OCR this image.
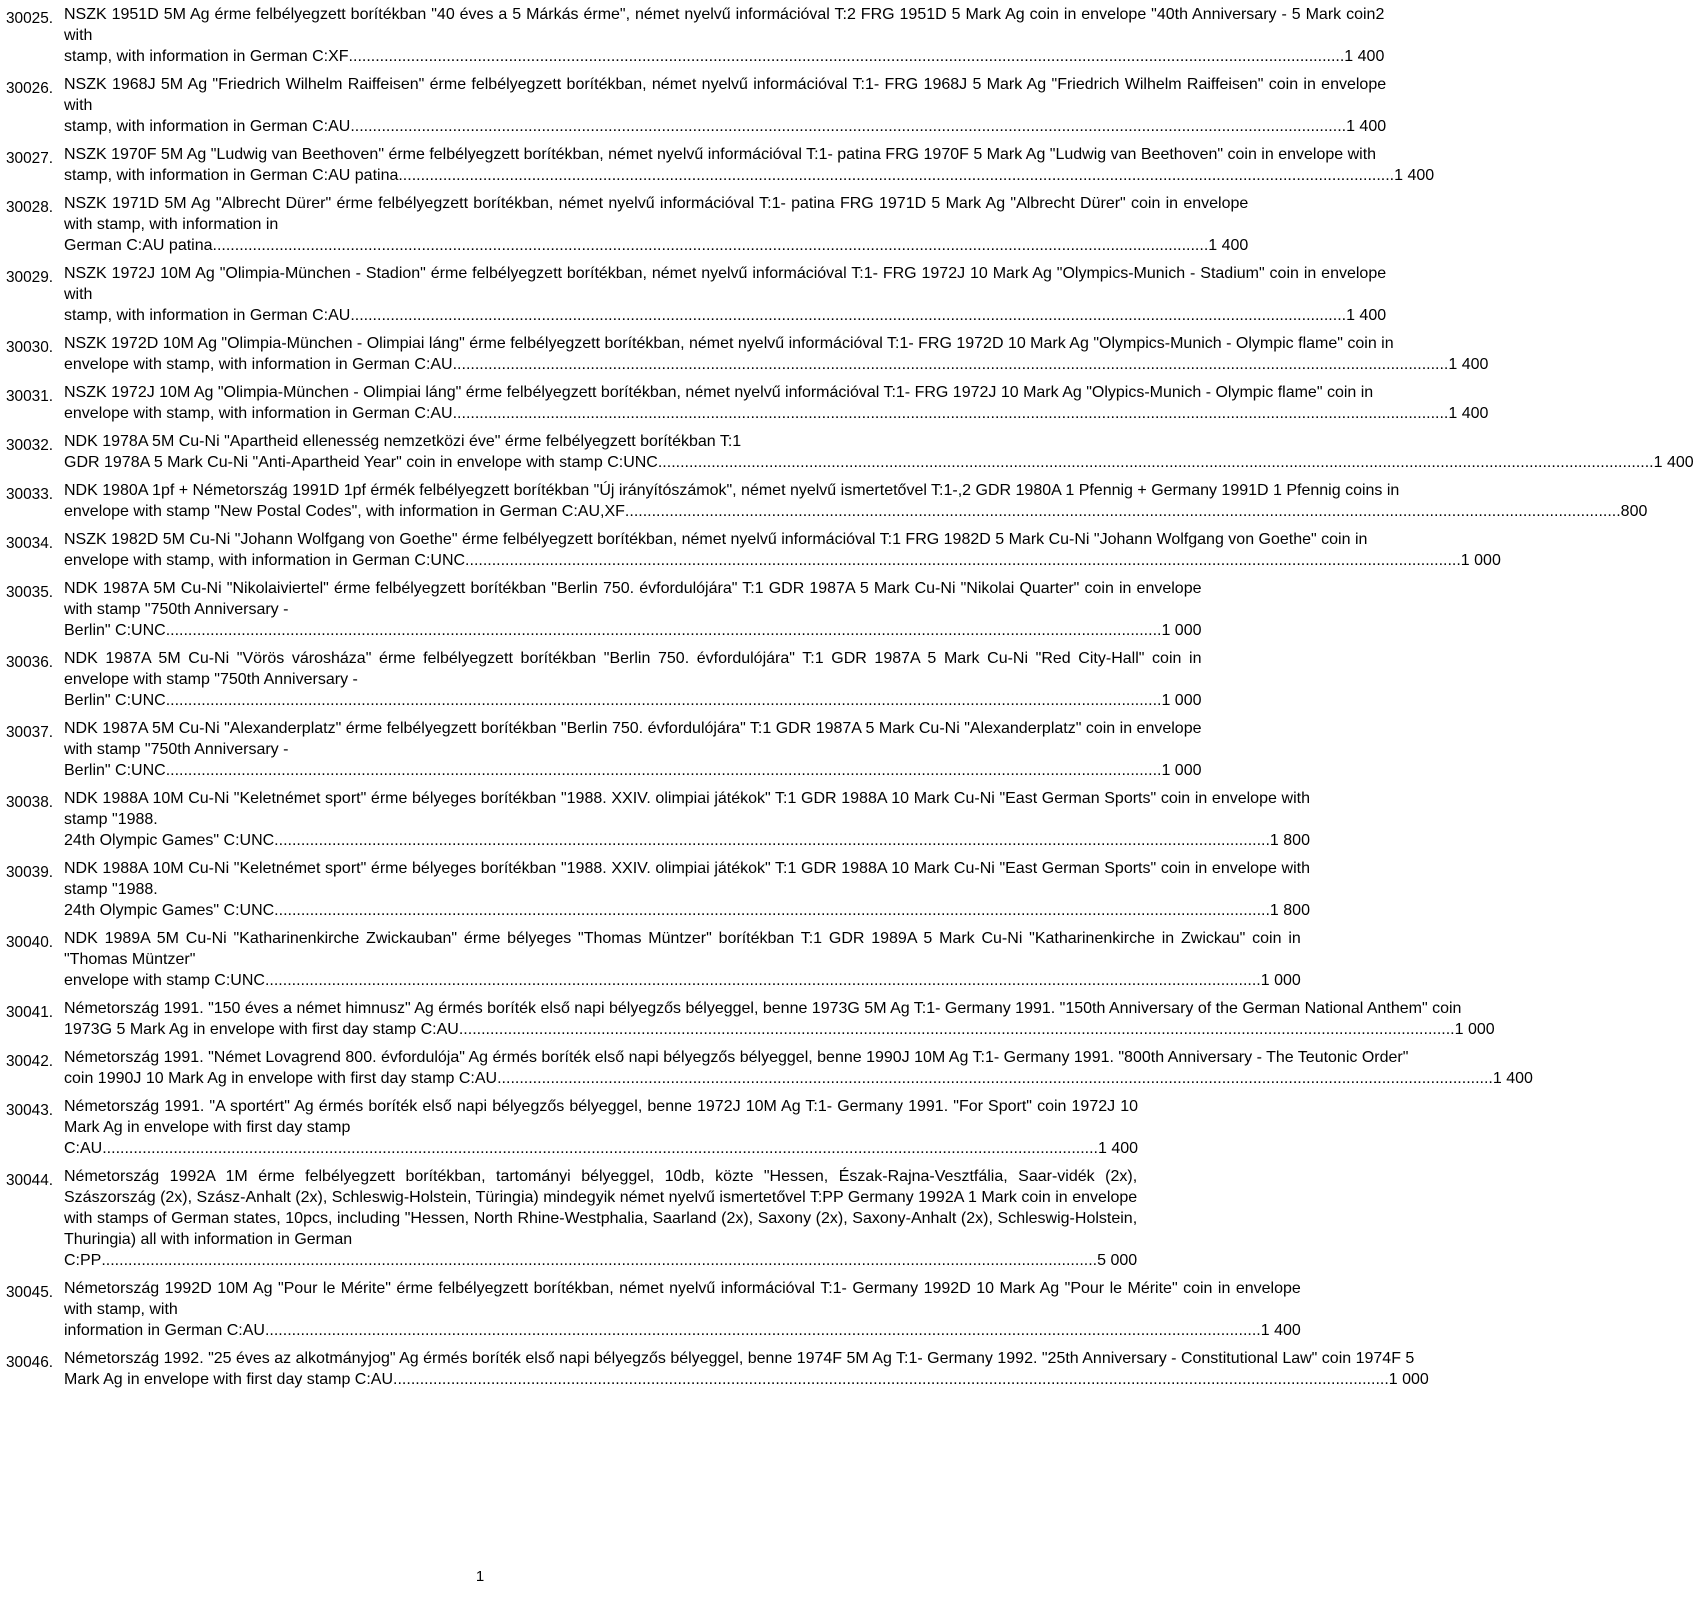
30025. NSZK 1951D 5M Ag érme felbélyegzett borítékban "40 éves a 5 Márkás érme", német nyelvű információval T:2 FRG 1951D 5 Mark Ag coin in envelope "40th Anniversary - 5 Mark coin2 with
stamp, with information in German C:XF .....	1 400
30026. NSZK 1968J 5M Ag "Friedrich Wilhelm Raiffeisen" érme felbélyegzett borítékban, német nyelvű információval T:1- FRG 1968J 5 Mark Ag "Friedrich Wilhelm Raiffeisen" coin in envelope with
stamp, with information in German C:AU .....	1 400
30027. NSZK 1970F 5M Ag "Ludwig van Beethoven" érme felbélyegzett borítékban, német nyelvű információval T:1- patina FRG 1970F 5 Mark Ag "Ludwig van Beethoven" coin in envelope with
stamp, with information in German C:AU patina .....	1 400
30028. NSZK 1971D 5M Ag "Albrecht Dürer" érme felbélyegzett borítékban, német nyelvű információval T:1- patina FRG 1971D 5 Mark Ag "Albrecht Dürer" coin in envelope with stamp, with information in
German C:AU patina .....	1 400
30029. NSZK 1972J 10M Ag "Olimpia-München - Stadion" érme felbélyegzett borítékban, német nyelvű információval T:1- FRG 1972J 10 Mark Ag "Olympics-Munich - Stadium" coin in envelope with
stamp, with information in German C:AU .....	1 400
30030. NSZK 1972D 10M Ag "Olimpia-München - Olimpiai láng" érme felbélyegzett borítékban, német nyelvű információval T:1- FRG 1972D 10 Mark Ag "Olympics-Munich - Olympic flame" coin in
envelope with stamp, with information in German C:AU .....	1 400
30031. NSZK 1972J 10M Ag "Olimpia-München - Olimpiai láng" érme felbélyegzett borítékban, német nyelvű információval T:1- FRG 1972J 10 Mark Ag "Olypics-Munich - Olympic flame" coin in
envelope with stamp, with information in German C:AU .....	1 400
30032. NDK 1978A 5M Cu-Ni "Apartheid ellenesség nemzetközi éve" érme felbélyegzett borítékban T:1
GDR 1978A 5 Mark Cu-Ni "Anti-Apartheid Year" coin in envelope with stamp C:UNC .....	1 400
30033. NDK 1980A 1pf + Németország 1991D 1pf érmék felbélyegzett borítékban "Új irányítószámok", német nyelvű ismertetővel T:1-,2 GDR 1980A 1 Pfennig + Germany 1991D 1 Pfennig coins in
envelope with stamp "New Postal Codes", with information in German C:AU,XF .....	800
30034. NSZK 1982D 5M Cu-Ni "Johann Wolfgang von Goethe" érme felbélyegzett borítékban, német nyelvű információval T:1 FRG 1982D 5 Mark Cu-Ni "Johann Wolfgang von Goethe" coin in
envelope with stamp, with information in German C:UNC .....	1 000
30035. NDK 1987A 5M Cu-Ni "Nikolaiviertel" érme felbélyegzett borítékban "Berlin 750. évfordulójára" T:1 GDR 1987A 5 Mark Cu-Ni "Nikolai Quarter" coin in envelope with stamp "750th Anniversary -
Berlin" C:UNC .....	1 000
30036. NDK 1987A 5M Cu-Ni "Vörös városháza" érme felbélyegzett borítékban "Berlin 750. évfordulójára" T:1 GDR 1987A 5 Mark Cu-Ni "Red City-Hall" coin in envelope with stamp "750th Anniversary -
Berlin" C:UNC .....	1 000
30037. NDK 1987A 5M Cu-Ni "Alexanderplatz" érme felbélyegzett borítékban "Berlin 750. évfordulójára" T:1 GDR 1987A 5 Mark Cu-Ni "Alexanderplatz" coin in envelope with stamp "750th Anniversary -
Berlin" C:UNC .....	1 000
30038. NDK 1988A 10M Cu-Ni "Keletnémet sport" érme bélyeges borítékban "1988. XXIV. olimpiai játékok" T:1 GDR 1988A 10 Mark Cu-Ni "East German Sports" coin in envelope with stamp "1988.
24th Olympic Games" C:UNC .....	1 800
30039. NDK 1988A 10M Cu-Ni "Keletnémet sport" érme bélyeges borítékban "1988. XXIV. olimpiai játékok" T:1 GDR 1988A 10 Mark Cu-Ni "East German Sports" coin in envelope with stamp "1988.
24th Olympic Games" C:UNC .....	1 800
30040. NDK 1989A 5M Cu-Ni "Katharinenkirche Zwickauban" érme bélyeges "Thomas Müntzer" borítékban T:1 GDR 1989A 5 Mark Cu-Ni "Katharinenkirche in Zwickau" coin in "Thomas Müntzer"
envelope with stamp C:UNC .....	1 000
30041. Németország 1991. "150 éves a német himnusz" Ag érmés boríték első napi bélyegzős bélyeggel, benne 1973G 5M Ag T:1- Germany 1991. "150th Anniversary of the German National Anthem" coin
1973G 5 Mark Ag in envelope with first day stamp C:AU .....	1 000
30042. Németország 1991. "Német Lovagrend 800. évfordulója" Ag érmés boríték első napi bélyegzős bélyeggel, benne 1990J 10M Ag T:1- Germany 1991. "800th Anniversary - The Teutonic Order"
coin 1990J 10 Mark Ag in envelope with first day stamp C:AU .....	1 400
30043. Németország 1991. "A sportért" Ag érmés boríték első napi bélyegzős bélyeggel, benne 1972J 10M Ag T:1- Germany 1991. "For Sport" coin 1972J 10 Mark Ag in envelope with first day stamp
C:AU .....	1 400
30044. Németország 1992A 1M érme felbélyegzett borítékban, tartományi bélyeggel, 10db, közte "Hessen, Észak-Rajna-Vesztfália, Saar-vidék (2x), Szászország (2x), Szász-Anhalt (2x), Schleswig-Holstein, Türingia) mindegyik német nyelvű ismertetővel T:PP Germany 1992A 1 Mark coin in envelope with stamps of German states, 10pcs, including "Hessen, North Rhine-Westphalia, Saarland (2x), Saxony (2x), Saxony-Anhalt (2x), Schleswig-Holstein, Thuringia) all with information in German
C:PP .....	5 000
30045. Németország 1992D 10M Ag "Pour le Mérite" érme felbélyegzett borítékban, német nyelvű információval T:1- Germany 1992D 10 Mark Ag "Pour le Mérite" coin in envelope with stamp, with
information in German C:AU .....	1 400
30046. Németország 1992. "25 éves az alkotmányjog" Ag érmés boríték első napi bélyegzős bélyeggel, benne 1974F 5M Ag T:1- Germany 1992. "25th Anniversary - Constitutional Law" coin 1974F 5
Mark Ag in envelope with first day stamp C:AU .....	1 000
1
